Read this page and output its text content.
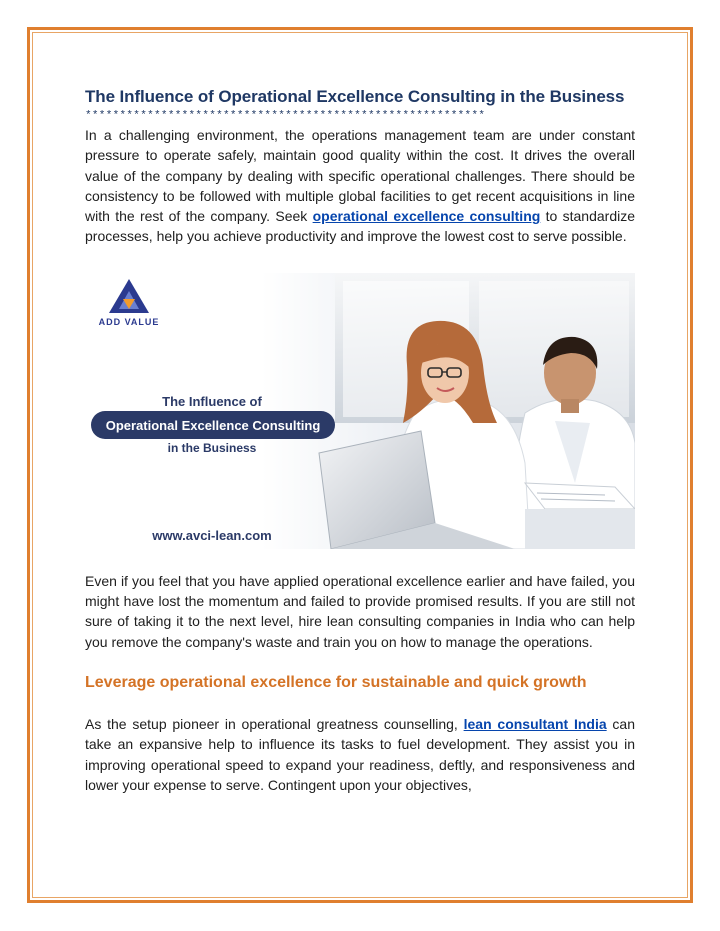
The Influence of Operational Excellence Consulting in the Business
**********************************************************

In a challenging environment, the operations management team are under constant pressure to operate safely, maintain good quality within the cost. It drives the overall value of the company by dealing with specific operational challenges. There should be consistency to be followed with multiple global facilities to get recent acquisitions in line with the rest of the company. Seek operational excellence consulting to standardize processes, help you achieve productivity and improve the lowest cost to serve possible.

ADD VALUE
The Influence of
Operational Excellence Consulting
in the Business
www.avci-lean.com

Even if you feel that you have applied operational excellence earlier and have failed, you might have lost the momentum and failed to provide promised results. If you are still not sure of taking it to the next level, hire lean consulting companies in India who can help you remove the company's waste and train you on how to manage the operations.

Leverage operational excellence for sustainable and quick growth

As the setup pioneer in operational greatness counselling, lean consultant India can take an expansive help to influence its tasks to fuel development. They assist you in improving operational speed to expand your readiness, deftly, and responsiveness and lower your expense to serve. Contingent upon your objectives,
